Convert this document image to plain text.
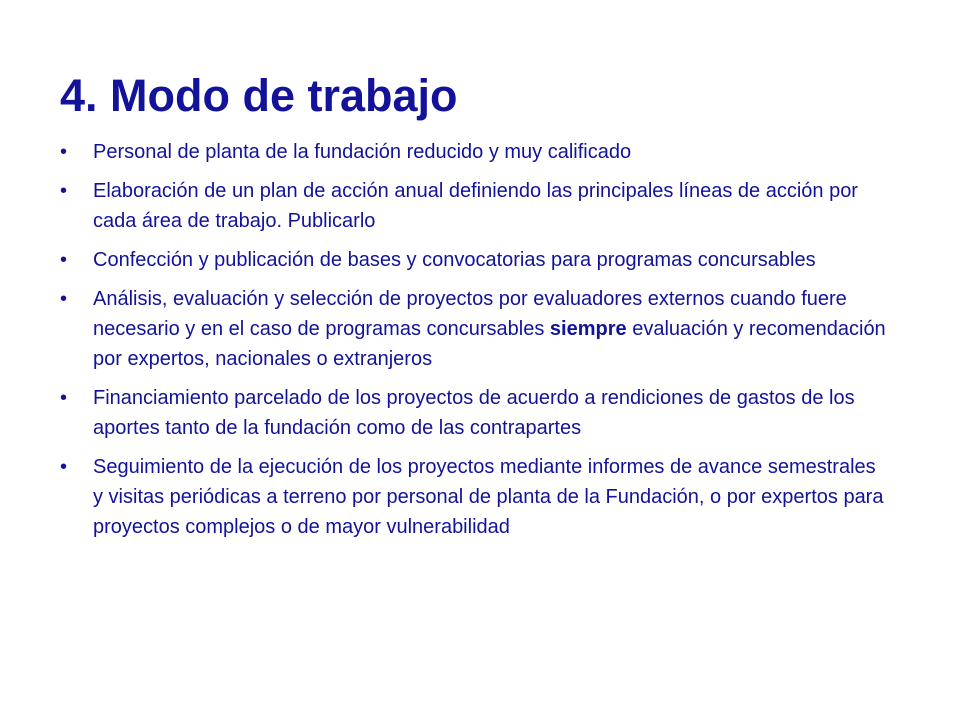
4. Modo de trabajo
•	Personal de planta de la fundación reducido y muy calificado
•	Elaboración de un plan de acción anual definiendo las principales líneas de acción por cada área de trabajo. Publicarlo
•	Confección y publicación de bases y convocatorias para programas concursables
•	Análisis, evaluación y selección de proyectos por evaluadores externos cuando fuere necesario y en el caso de programas concursables siempre evaluación y recomendación por expertos, nacionales o extranjeros
•	Financiamiento parcelado de los proyectos de acuerdo a rendiciones de gastos de los aportes tanto de la fundación como de las contrapartes
•	Seguimiento de la ejecución de los proyectos mediante informes de avance semestrales y visitas periódicas a terreno por personal de planta de la Fundación, o por expertos para proyectos complejos o de mayor vulnerabilidad
